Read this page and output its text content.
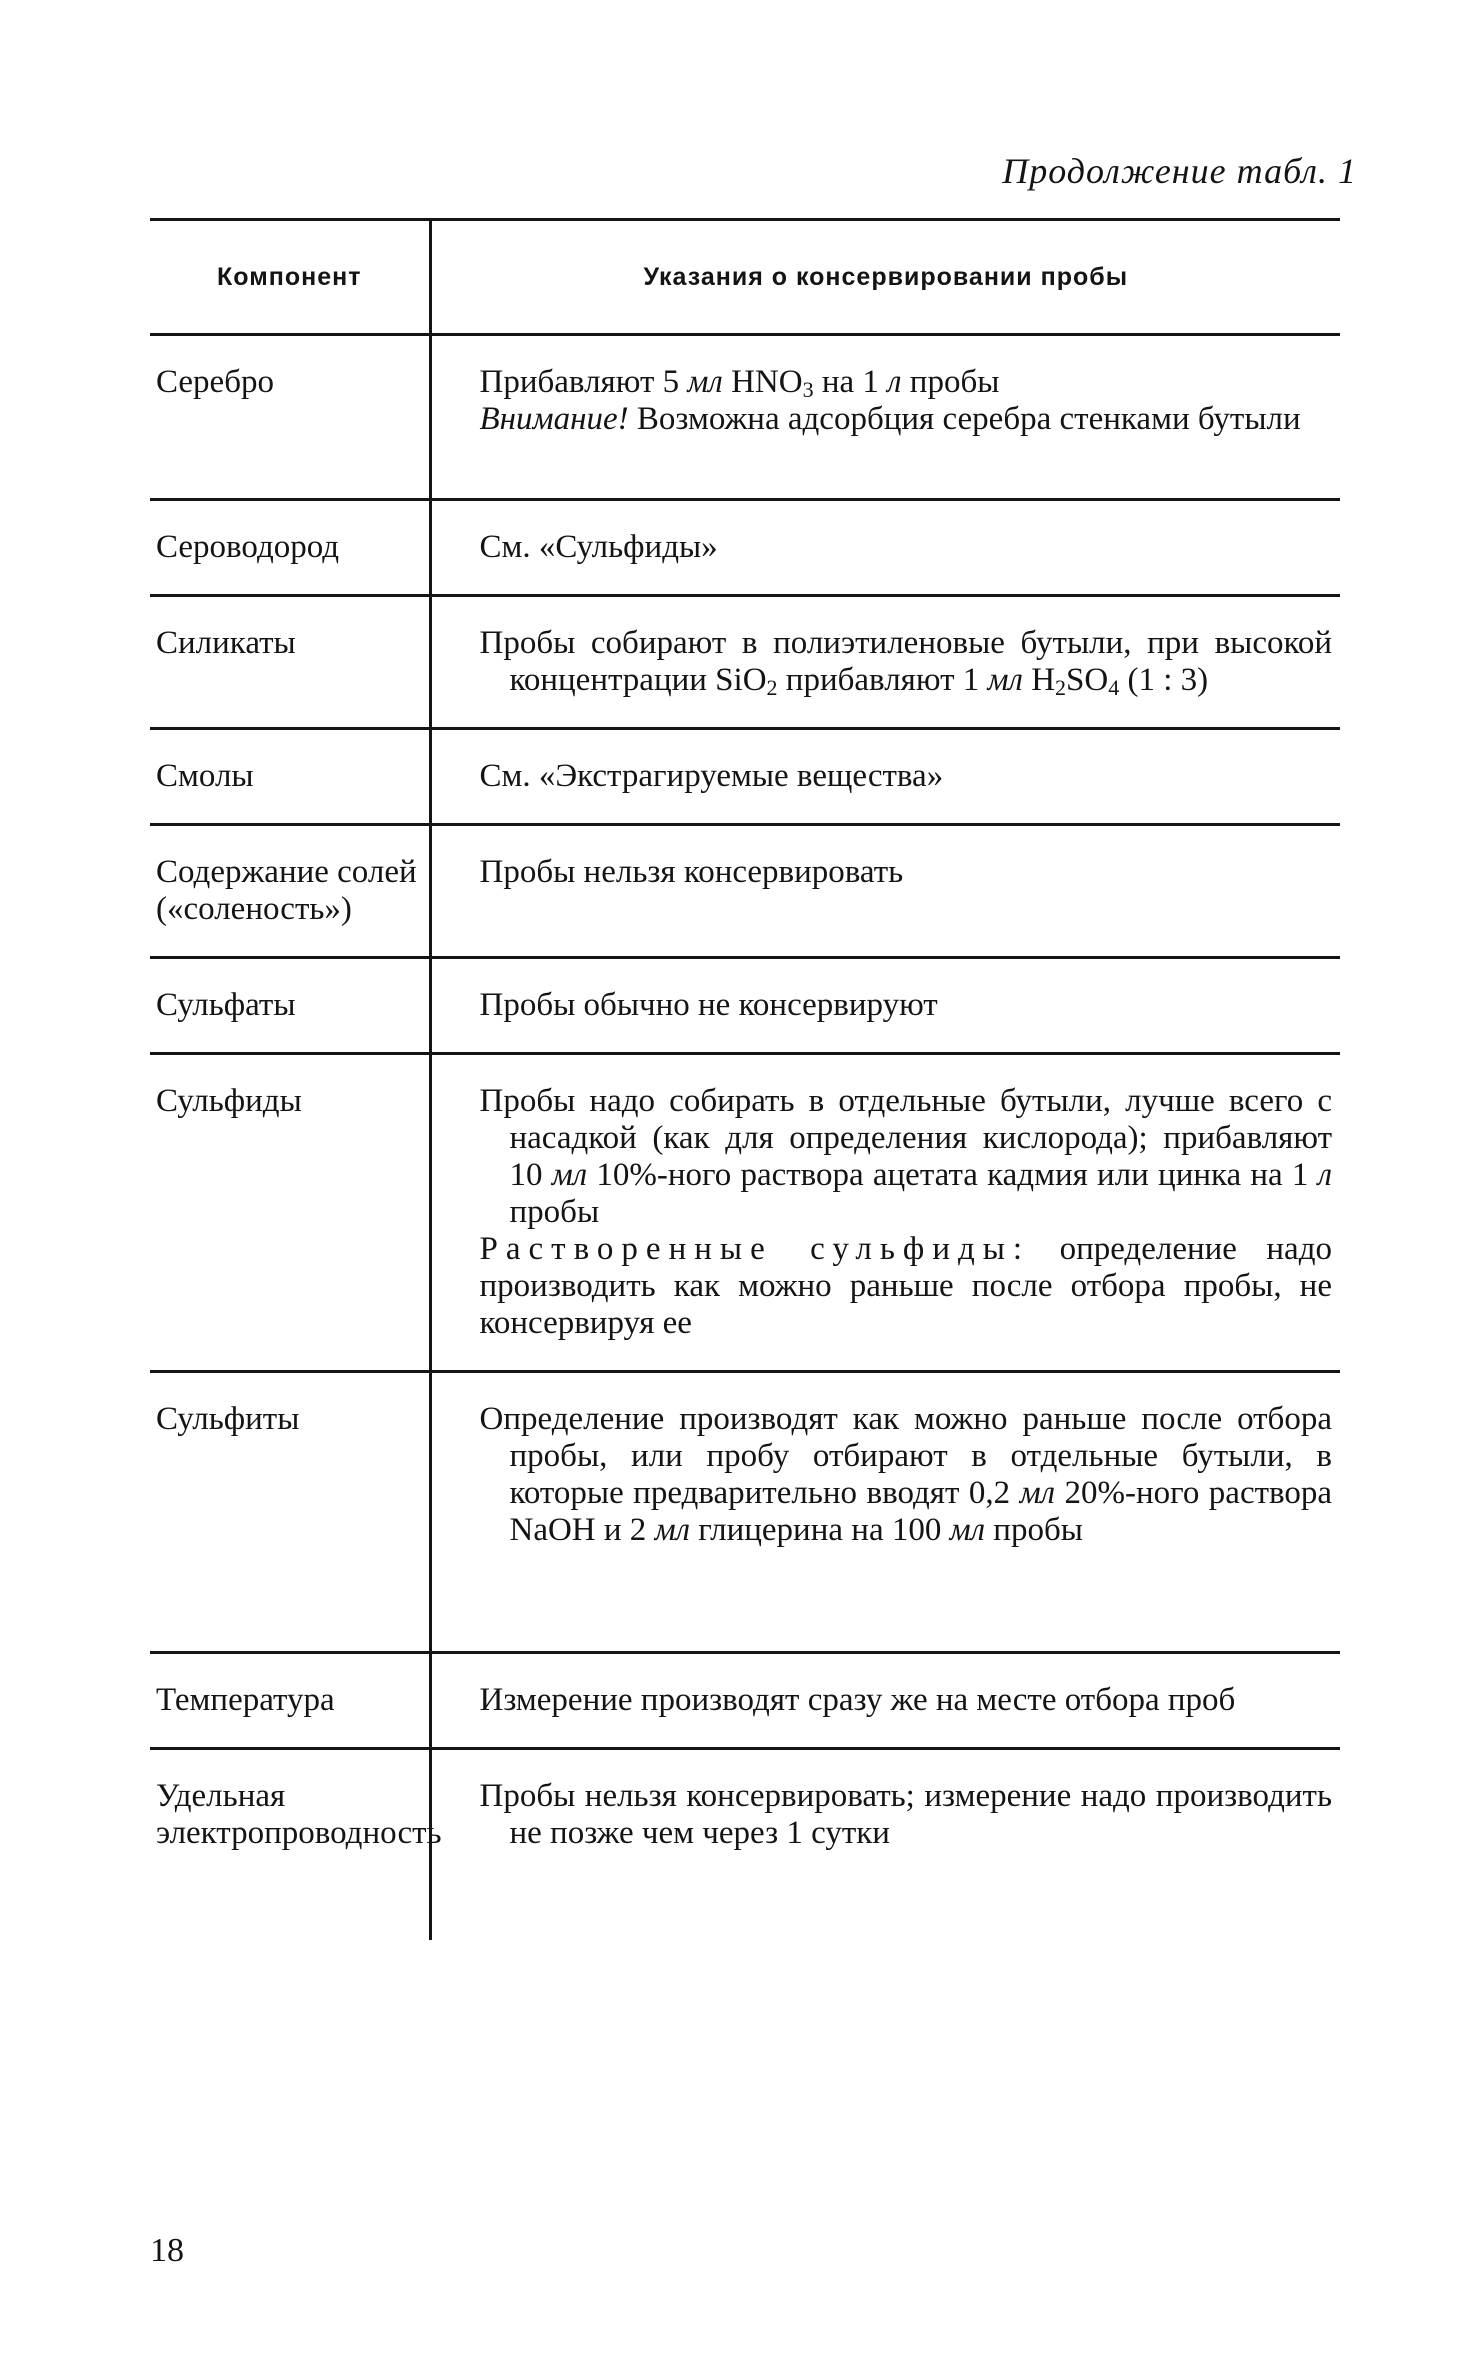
Продолжение табл. 1
Компонент	Указания о консервировании пробы
Серебро	Прибавляют 5 мл $HNO_3$ на 1 л пробы
Внимание! Возможна адсорбция серебра стенками бутыли

Сероводород	См. «Сульфиды»
Силикаты	Пробы собирают в полиэтиленовые бутыли, при высокой концентрации SiO$_2$ прибавляют 1 мл $H_2SO_4$ (1 : 3)

Смолы	См. «Экстрагируемые вещества»
Содержание солей («соленость»)	Пробы нельзя консервировать
Сульфаты	Пробы обычно не консервируют
Сульфиды	Пробы надо собирать в отдельные бутыли, лучше всего с насадкой (как для определения кислорода); прибавляют 10 мл 10%-ного раствора ацетата кадмия или цинка на 1 л пробы
Растворенные сульфиды: определение надо производить как можно раньше после отбора пробы, не консервируя ее

Сульфиты	Определение производят как можно раньше после отбора пробы, или пробу отбирают в отдельные бутыли, в которые предварительно вводят 0,2 мл 20%-ного раствора NaOH и 2 мл глицерина на 100 мл пробы

Температура	Измерение производят сразу же на месте отбора проб

Удельная электропроводность	Пробы нельзя консервировать; измерение надо производить не позже чем через 1 сутки
18
